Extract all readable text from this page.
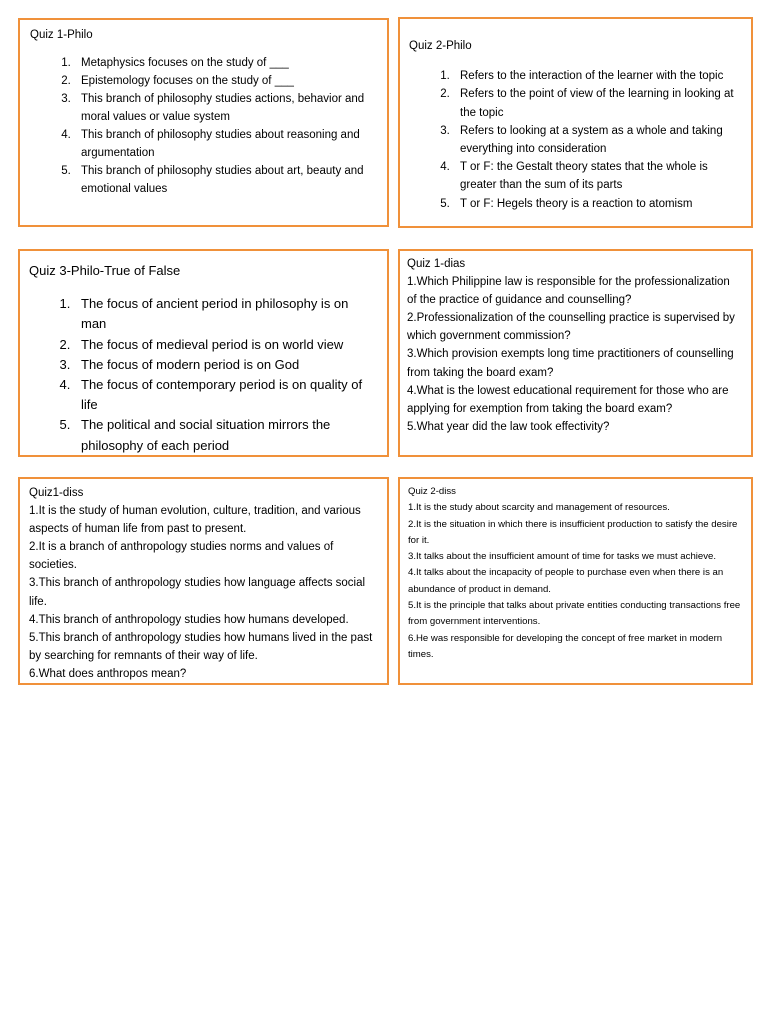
Quiz 1-Philo

1. Metaphysics focuses on the study of ___
2. Epistemology focuses on the study of ___
3. This branch of philosophy studies actions, behavior and moral values or value system
4. This branch of philosophy studies about reasoning and argumentation
5. This branch of philosophy studies about art, beauty and emotional values

Quiz 2-Philo

1. Refers to the interaction of the learner with the topic
2. Refers to the point of view of the learning in looking at the topic
3. Refers to looking at a system as a whole and taking everything into consideration
4. T or F: the Gestalt theory states that the whole is greater than the sum of its parts
5. T or F: Hegels theory is a reaction to atomism

Quiz 3-Philo-True of False

1. The focus of ancient period in philosophy is on man
2. The focus of medieval period is on world view
3. The focus of modern period is on God
4. The focus of contemporary period is on quality of life
5. The political and social situation mirrors the philosophy of each period

Quiz 1-dias

1.Which Philippine law is responsible for the professionalization of the practice of guidance and counselling?

2.Professionalization of the counselling practice is supervised by which government commission?

3.Which provision exempts long time practitioners of counselling from taking the board exam?

4.What is the lowest educational requirement for those who are applying for exemption from taking the board exam?

5.What year did the law took effectivity?

Quiz1-diss

1.It is the study of human evolution, culture, tradition, and various aspects of human life from past to present.

2.It is a branch of anthropology studies norms and values of societies.

3.This branch of anthropology studies how language affects social life.

4.This branch of anthropology studies how humans developed.

5.This branch of anthropology studies how humans lived in the past by searching for remnants of their way of life.

6.What does anthropos mean?

Quiz 2-diss

1.It is the study about scarcity and management of resources.

2.It is the situation in which there is insufficient production to satisfy the desire for it.

3.It talks about the insufficient amount of time for tasks we must achieve.

4.It talks about the incapacity of people to purchase even when there is an abundance of product in demand.

5.It is the principle that talks about private entities conducting transactions free from government interventions.

6.He was responsible for developing the concept of free market in modern times.
